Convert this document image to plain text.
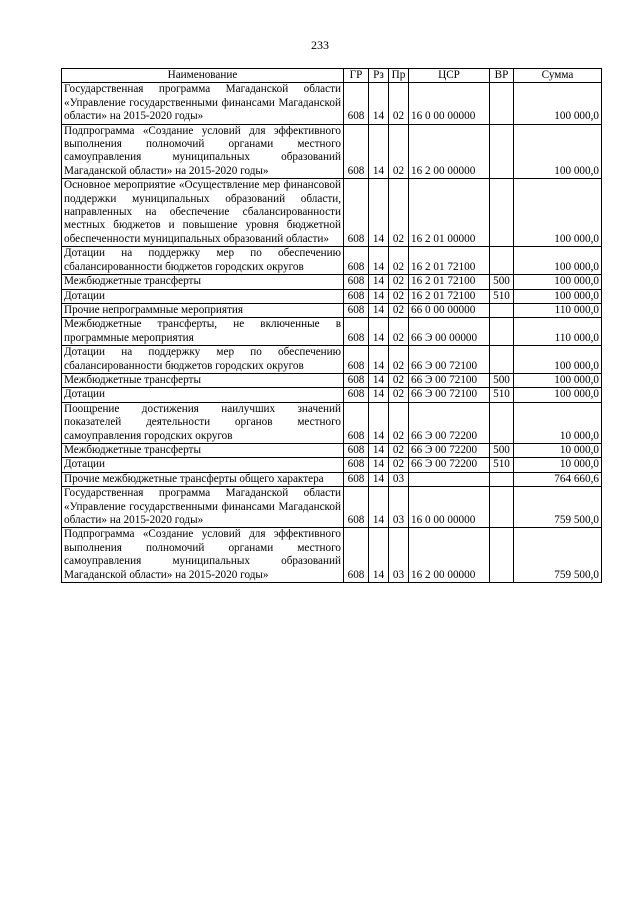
233
Наименование	ГР	Рз	Пр	ЦСР	ВР	Сумма
Государственная программа Магаданской области «Управление государственными финансами Магаданской области» на 2015-2020 годы»	608	14	02	16 0 00 00000		100 000,0
Подпрограмма «Создание условий для эффективного выполнения полномочий органами местного самоуправления муниципальных образований Магаданской области» на 2015-2020 годы»	608	14	02	16 2 00 00000		100 000,0
Основное мероприятие «Осуществление мер финансовой поддержки муниципальных образований области, направленных на обеспечение сбалансированности местных бюджетов и повышение уровня бюджетной обеспеченности муниципальных образований области»	608	14	02	16 2 01 00000		100 000,0
Дотации на поддержку мер по обеспечению сбалансированности бюджетов городских округов	608	14	02	16 2 01 72100		100 000,0
Межбюджетные трансферты	608	14	02	16 2 01 72100	500	100 000,0
Дотации	608	14	02	16 2 01 72100	510	100 000,0
Прочие непрограммные мероприятия	608	14	02	66 0 00 00000		110 000,0
Межбюджетные трансферты, не включенные в программные мероприятия	608	14	02	66 Э 00 00000		110 000,0
Дотации на поддержку мер по обеспечению сбалансированности бюджетов городских округов	608	14	02	66 Э 00 72100		100 000,0
Межбюджетные трансферты	608	14	02	66 Э 00 72100	500	100 000,0
Дотации	608	14	02	66 Э 00 72100	510	100 000,0
Поощрение достижения наилучших значений показателей деятельности органов местного самоуправления городских округов	608	14	02	66 Э 00 72200		10 000,0
Межбюджетные трансферты	608	14	02	66 Э 00 72200	500	10 000,0
Дотации	608	14	02	66 Э 00 72200	510	10 000,0
Прочие межбюджетные трансферты общего характера	608	14	03			764 660,6
Государственная программа Магаданской области «Управление государственными финансами Магаданской области» на 2015-2020 годы»	608	14	03	16 0 00 00000		759 500,0
Подпрограмма «Создание условий для эффективного выполнения полномочий органами местного самоуправления муниципальных образований Магаданской области» на 2015-2020 годы»	608	14	03	16 2 00 00000		759 500,0
